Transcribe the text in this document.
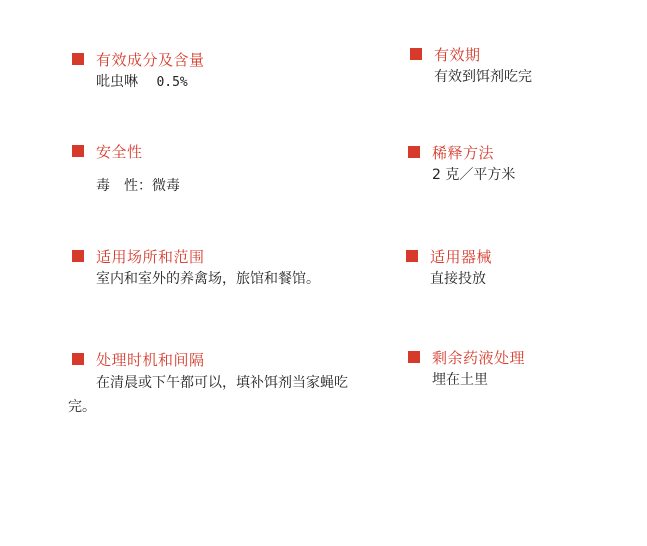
有效成分及含量
吡虫啉 0.5%
安全性
毒　性：微毒
适用场所和范围
室内和室外的养禽场，旅馆和餐馆。
处理时机和间隔
在清晨或下午都可以，填补饵剂当家蝇吃完。
有效期
有效到饵剂吃完
稀释方法
2 克／平方米
适用器械
直接投放
剩余药液处理
埋在土里
